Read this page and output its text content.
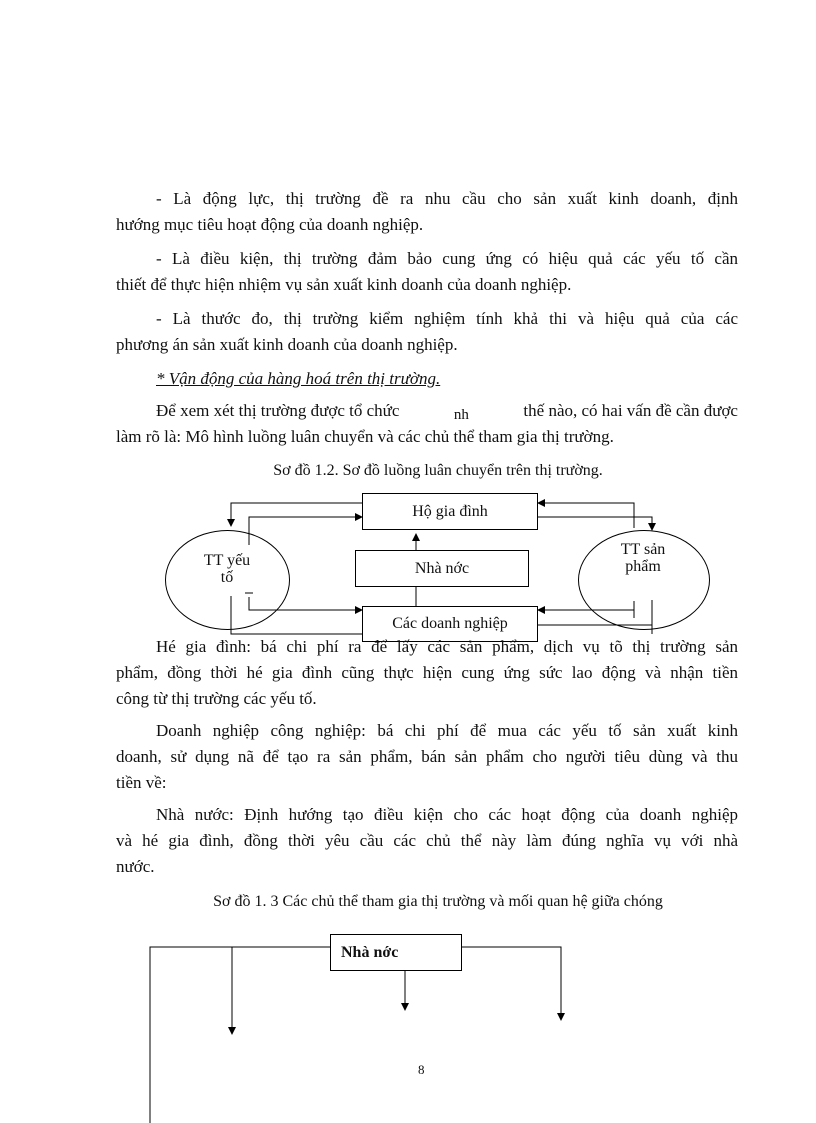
- Là động lực, thị trường đề ra nhu cầu cho sản xuất kinh doanh, định
hướng mục tiêu hoạt động của doanh nghiệp.
- Là điều kiện, thị trường đảm bảo cung ứng có hiệu quả các yếu tố cần
thiết để thực hiện nhiệm vụ sản xuất kinh doanh của doanh nghiệp.
- Là thước đo, thị trường kiểm nghiệm tính khả thi và hiệu quả của các
phương án sản xuất kinh doanh của doanh nghiệp.
* Vận động của hàng hoá trên thị trường.
Để xem xét thị trường được tổ chức	nh	thế nào, có hai vấn đề cần được
làm rõ là: Mô hình luồng luân chuyển và các chủ thể tham gia thị trường.
Sơ đồ 1.2. Sơ đồ luồng luân chuyển trên thị trường.
TT yếu
tố
TT sản
phẩm
Hộ gia đình
Nhà nớc
Các doanh nghiệp
Hé gia đình: bá chi phí ra để lấy các sản phẩm, dịch vụ tõ thị trường sản
phẩm, đồng thời hé gia đình cũng thực hiện cung ứng sức lao động và nhận tiền
công từ thị trường các yếu tố.
Doanh nghiệp công nghiệp: bá chi phí để mua các yếu tố sản xuất kinh
doanh, sử dụng nã để tạo ra sản phẩm, bán sản phẩm cho người tiêu dùng và thu
tiền về:
Nhà nước: Định hướng tạo điều kiện cho các hoạt động của doanh nghiệp
và hé gia đình, đồng thời yêu cầu các chủ thể này làm đúng nghĩa vụ với nhà
nước.
Sơ đồ 1. 3 Các chủ thể tham gia thị trường và mối quan hệ giữa chóng
Nhà nớc
8
